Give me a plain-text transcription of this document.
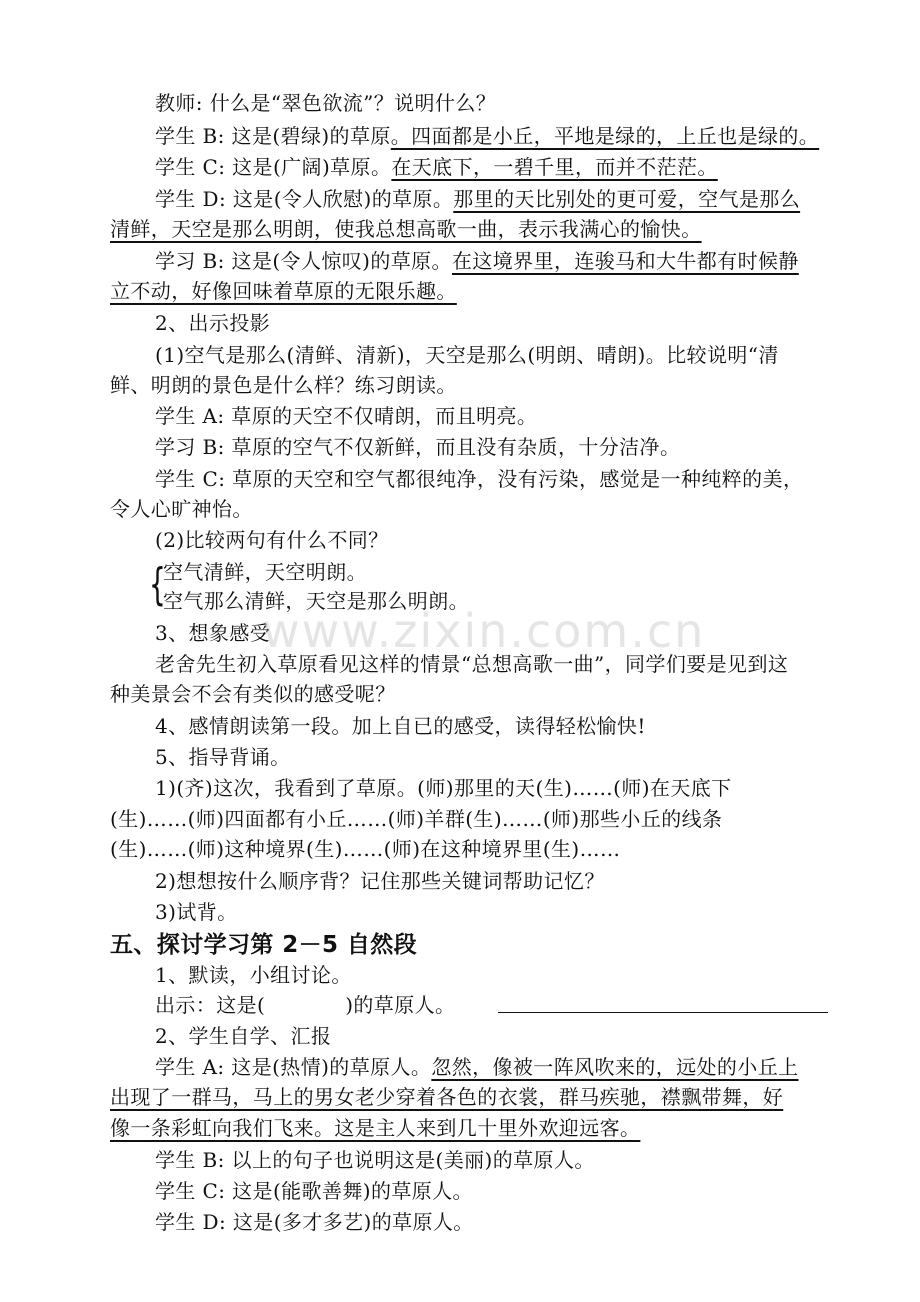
教师: 什么是“翠色欲流”？说明什么？
学生 B: 这是(碧绿)的草原。四面都是小丘，平地是绿的，上丘也是绿的。
学生 C: 这是(广阔)草原。在天底下，一碧千里，而并不茫茫。
学生 D: 这是(令人欣慰)的草原。那里的天比别处的更可爱，空气是那么
清鲜，天空是那么明朗，使我总想高歌一曲，表示我满心的愉快。
学习 B: 这是(令人惊叹)的草原。在这境界里，连骏马和大牛都有时候静
立不动，好像回味着草原的无限乐趣。
2、出示投影
(1)空气是那么(清鲜、清新)，天空是那么(明朗、晴朗)。比较说明“清
鲜、明朗的景色是什么样？练习朗读。
学生 A: 草原的天空不仅晴朗，而且明亮。
学习 B: 草原的空气不仅新鲜，而且没有杂质，十分洁净。
学生 C: 草原的天空和空气都很纯净，没有污染，感觉是一种纯粹的美，
令人心旷神怡。
(2)比较两句有什么不同？
{
空气清鲜，天空明朗。
空气那么清鲜，天空是那么明朗。
3、想象感受
老舍先生初入草原看见这样的情景“总想高歌一曲”，同学们要是见到这
种美景会不会有类似的感受呢？
4、感情朗读第一段。加上自已的感受，读得轻松愉快!
5、指导背诵。
1)(齐)这次，我看到了草原。(师)那里的天(生)……(师)在天底下
(生)……(师)四面都有小丘……(师)羊群(生)……(师)那些小丘的线条
(生)……(师)这种境界(生)……(师)在这种境界里(生)……
2)想想按什么顺序背？记住那些关键词帮助记忆？
3)试背。
五、探讨学习第 2－5 自然段
1、默读，小组讨论。
出示：这是(	)的草原人。
2、学生自学、汇报
学生 A: 这是(热情)的草原人。忽然，像被一阵风吹来的，远处的小丘上
出现了一群马，马上的男女老少穿着各色的衣裳，群马疾驰，襟飘带舞，好
像一条彩虹向我们飞来。这是主人来到几十里外欢迎远客。
学生 B: 以上的句子也说明这是(美丽)的草原人。
学生 C: 这是(能歌善舞)的草原人。
学生 D: 这是(多才多艺)的草原人。
www.zixin.com.cn
